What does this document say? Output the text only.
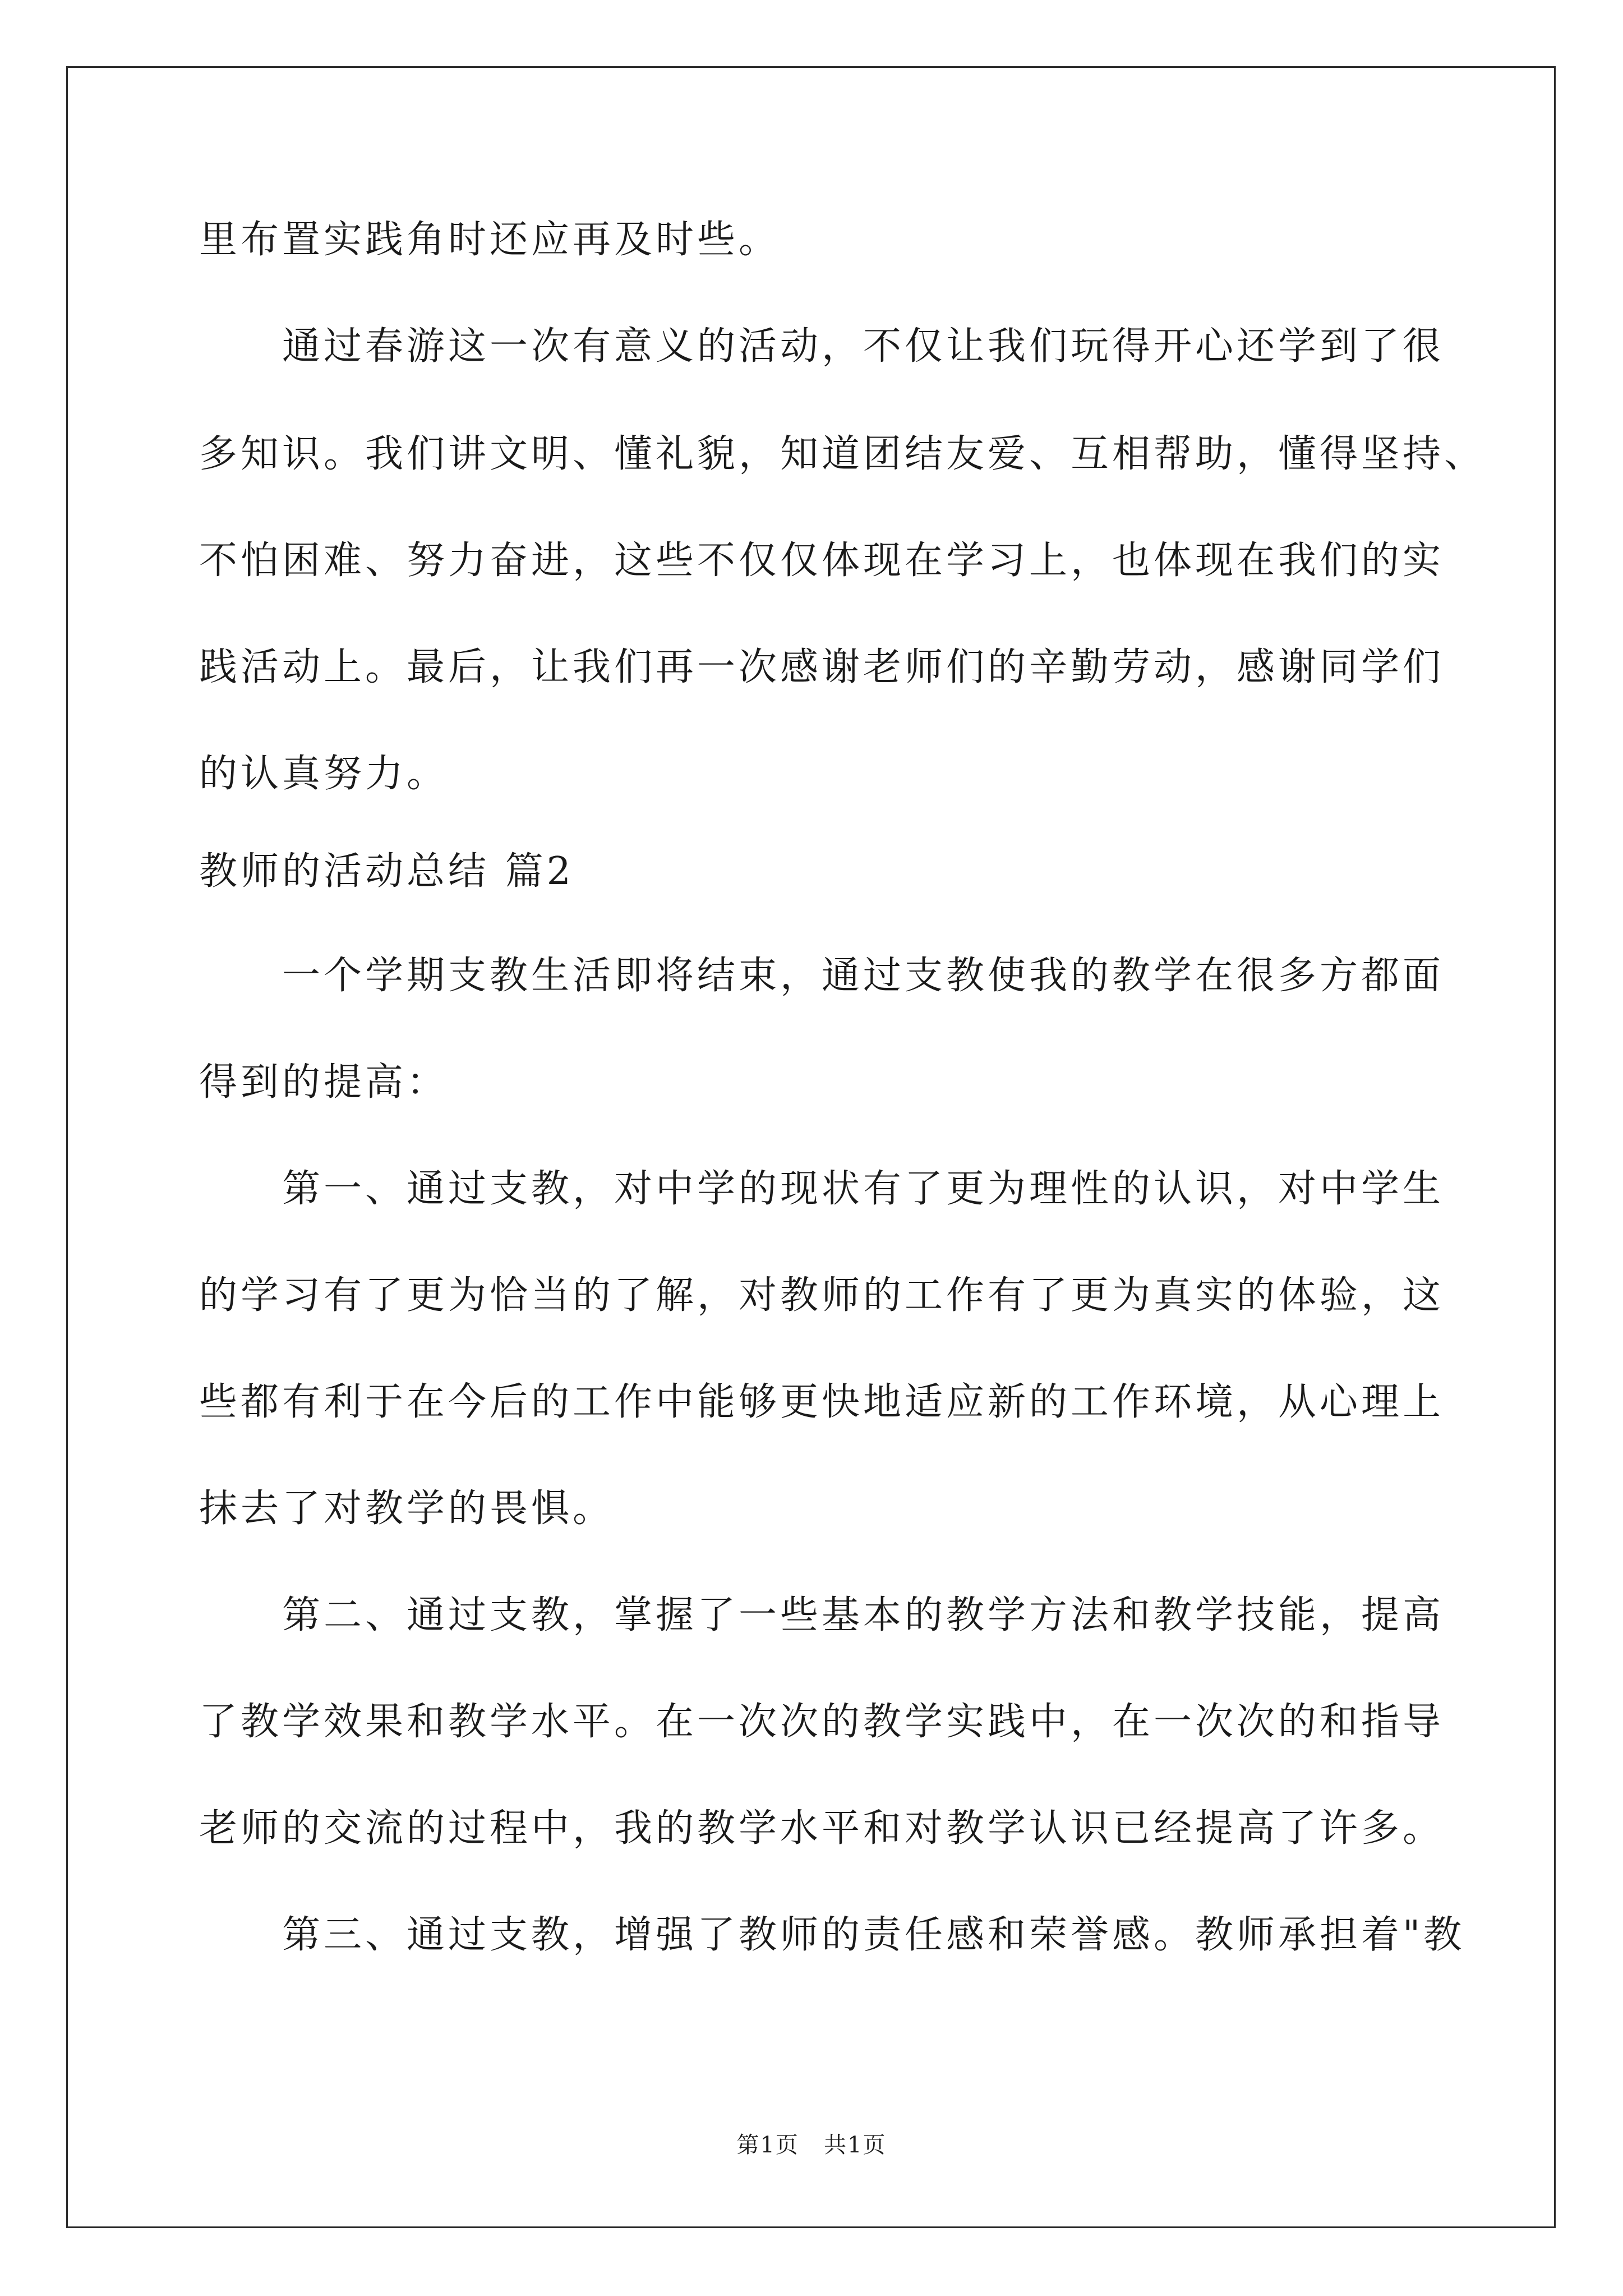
里布置实践角时还应再及时些。
通过春游这一次有意义的活动，不仅让我们玩得开心还学到了很
多知识。我们讲文明、懂礼貌，知道团结友爱、互相帮助，懂得坚持、
不怕困难、努力奋进，这些不仅仅体现在学习上，也体现在我们的实
践活动上。最后，让我们再一次感谢老师们的辛勤劳动，感谢同学们
的认真努力。
教师的活动总结 篇2
一个学期支教生活即将结束，通过支教使我的教学在很多方都面
得到的提高：
第一、通过支教，对中学的现状有了更为理性的认识，对中学生
的学习有了更为恰当的了解，对教师的工作有了更为真实的体验，这
些都有利于在今后的工作中能够更快地适应新的工作环境，从心理上
抹去了对教学的畏惧。
第二、通过支教，掌握了一些基本的教学方法和教学技能，提高
了教学效果和教学水平。在一次次的教学实践中，在一次次的和指导
老师的交流的过程中，我的教学水平和对教学认识已经提高了许多。
第三、通过支教，增强了教师的责任感和荣誉感。教师承担着"教
第1页   共1页
